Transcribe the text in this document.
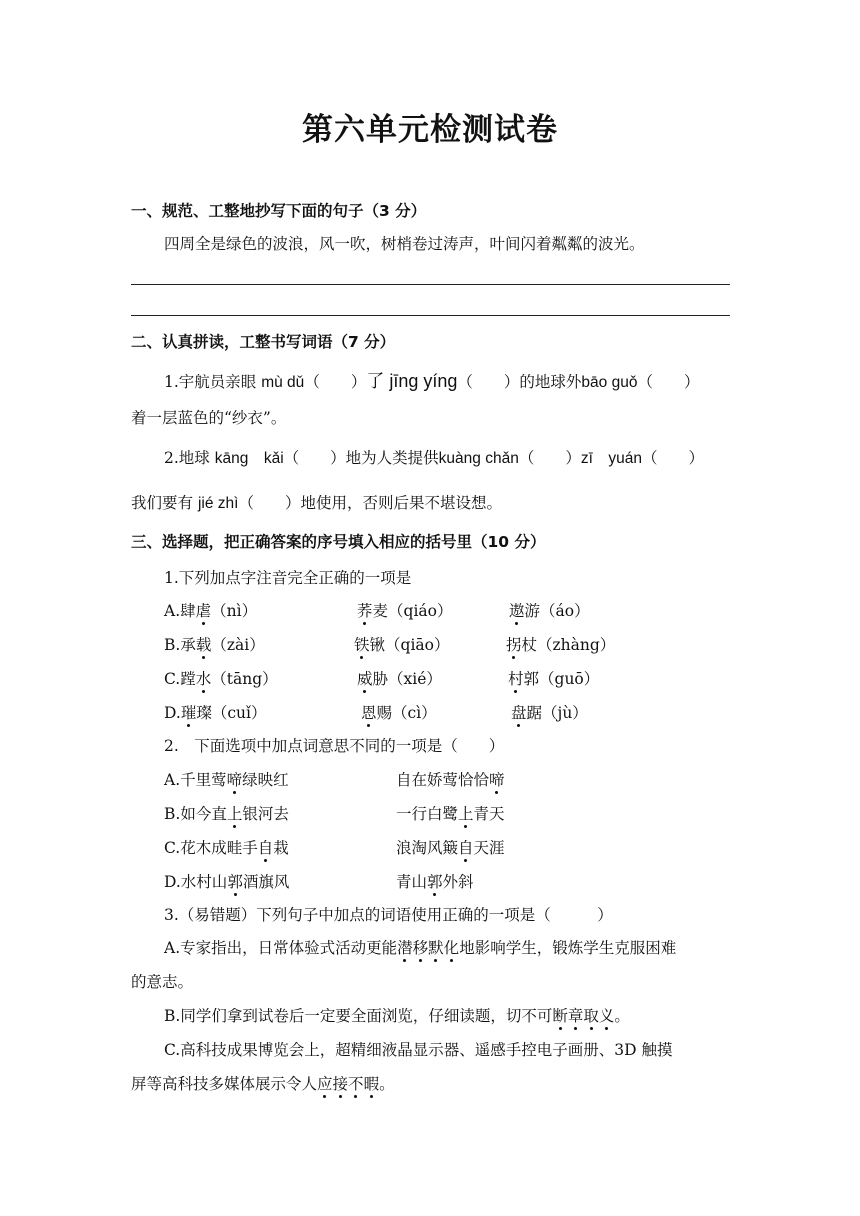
第六单元检测试卷
一、规范、工整地抄写下面的句子（3 分）
四周全是绿色的波浪，风一吹，树梢卷过涛声，叶间闪着粼粼的波光。
二、认真拼读，工整书写词语（7 分）
1.宇航员亲眼 mù dǔ（　　）了 jīng yíng（　　）的地球外bāo guǒ（　　）
着一层蓝色的“纱衣”。
2.地球 kāng　kǎi（　　）地为人类提供kuàng chǎn（　　）zī　yuán（　　）
我们要有 jié zhì（　　）地使用，否则后果不堪设想。
三、选择题，把正确答案的序号填入相应的括号里（10 分）
1.下列加点字注音完全正确的一项是
A.肆虐（nì）	荞麦（qiáo）	遨游（áo）
B.承载（zài）	铁锹（qiāo）	拐杖（zhàng）
C.蹚水（tāng）	威胁（xié）	村郭（guō）
D.璀璨（cuǐ）	恩赐（cì）	盘踞（jù）
2.　下面选项中加点词意思不同的一项是（　　）
A.千里莺啼绿映红	自在娇莺恰恰啼
B.如今直上银河去	一行白鹭上青天
C.花木成畦手自栽	浪淘风簸自天涯
D.水村山郭酒旗风	青山郭外斜
3.（易错题）下列句子中加点的词语使用正确的一项是（　　　）
A.专家指出，日常体验式活动更能潜移默化地影响学生，锻炼学生克服困难
的意志。
B.同学们拿到试卷后一定要全面浏览，仔细读题，切不可断章取义。
C.高科技成果博览会上，超精细液晶显示器、遥感手控电子画册、3D 触摸
屏等高科技多媒体展示令人应接不暇。
